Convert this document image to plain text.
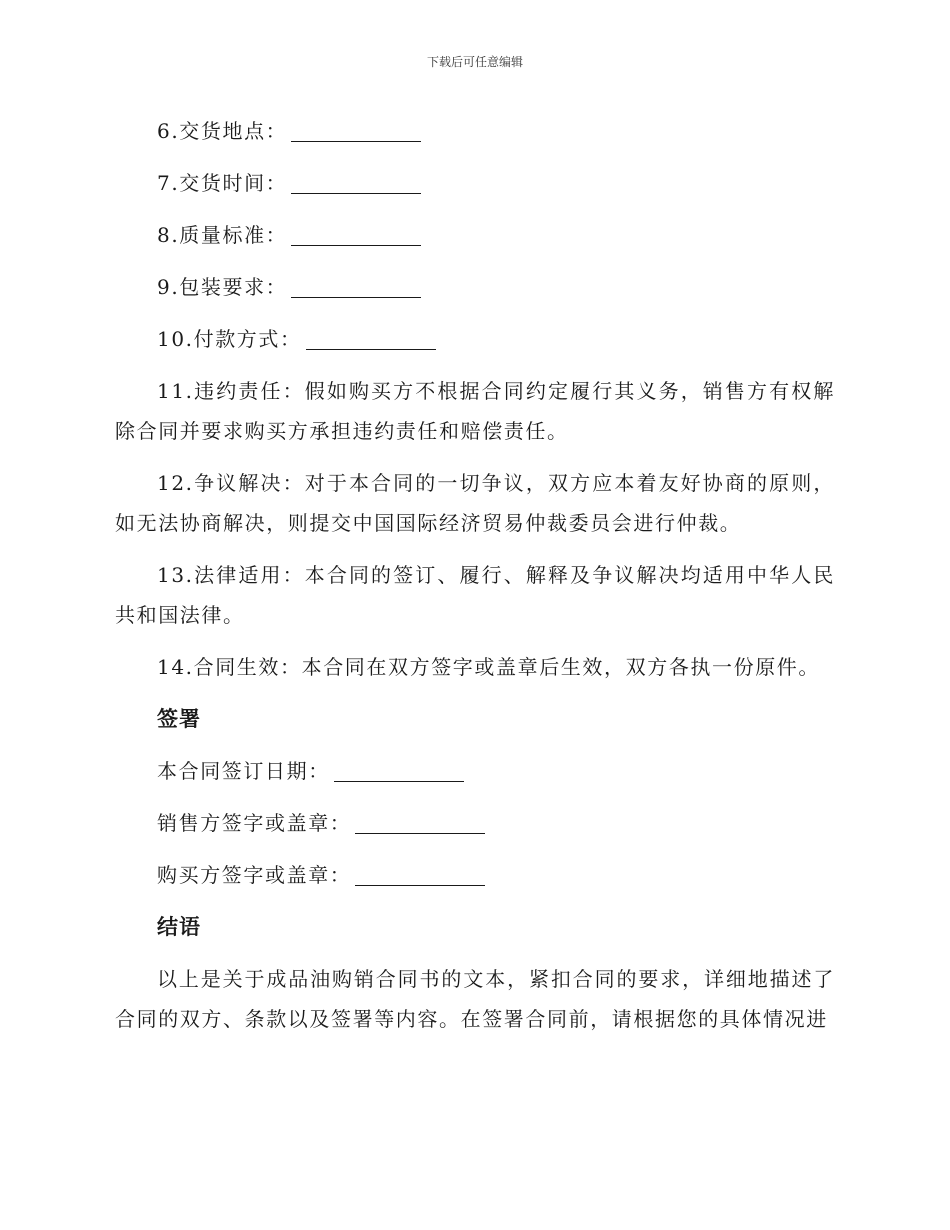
下载后可任意编辑

6.交货地点：

7.交货时间：

8.质量标准：

9.包装要求：

10.付款方式：

11.违约责任：假如购买方不根据合同约定履行其义务，销售方有权解除合同并要求购买方承担违约责任和赔偿责任。

12.争议解决：对于本合同的一切争议，双方应本着友好协商的原则，如无法协商解决，则提交中国国际经济贸易仲裁委员会进行仲裁。

13.法律适用：本合同的签订、履行、解释及争议解决均适用中华人民共和国法律。

14.合同生效：本合同在双方签字或盖章后生效，双方各执一份原件。

签署

本合同签订日期：

销售方签字或盖章：

购买方签字或盖章：

结语

以上是关于成品油购销合同书的文本，紧扣合同的要求，详细地描述了合同的双方、条款以及签署等内容。在签署合同前，请根据您的具体情况进
